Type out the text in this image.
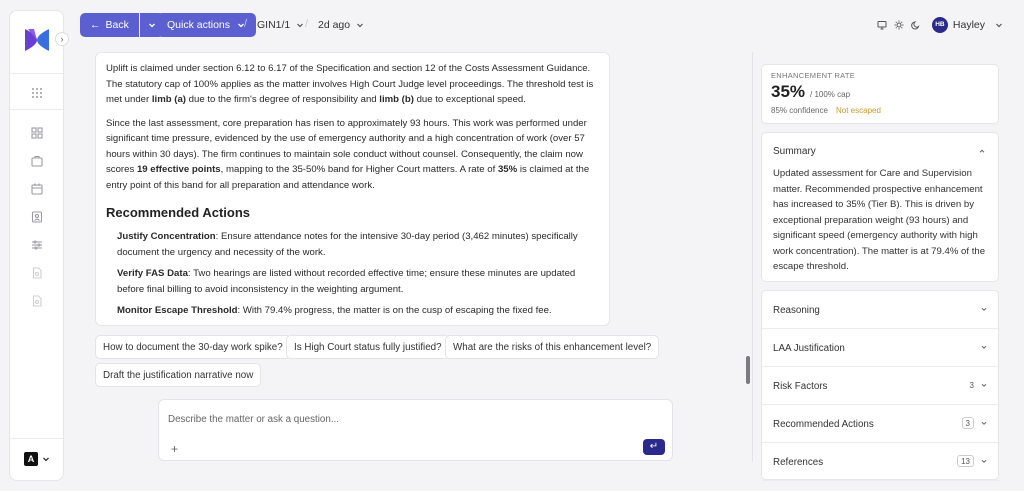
A
›
← Back	Quick actions / GIN1/1 / 2d ago	HB Hayley

Uplift is claimed under section 6.12 to 6.17 of the Specification and section 12 of the Costs Assessment Guidance. The statutory cap of 100% applies as the matter involves High Court Judge level proceedings. The threshold test is met under limb (a) due to the firm's degree of responsibility and limb (b) due to exceptional speed.

Since the last assessment, core preparation has risen to approximately 93 hours. This work was performed under significant time pressure, evidenced by the use of emergency authority and a high concentration of work (over 57 hours within 30 days). The firm continues to maintain sole conduct without counsel. Consequently, the claim now scores 19 effective points, mapping to the 35-50% band for Higher Court matters. A rate of 35% is claimed at the entry point of this band for all preparation and attendance work.

Recommended Actions
Justify Concentration: Ensure attendance notes for the intensive 30-day period (3,462 minutes) specifically document the urgency and necessity of the work.
Verify FAS Data: Two hearings are listed without recorded effective time; ensure these minutes are updated before final billing to avoid inconsistency in the weighting argument.
Monitor Escape Threshold: With 79.4% progress, the matter is on the cusp of escaping the fixed fee.
How to document the 30-day work spike?	Is High Court status fully justified?	What are the risks of this enhancement level?
Draft the justification narrative now
Describe the matter or ask a question...
+	↵
ENHANCEMENT RATE
35% / 100% cap
85% confidence Not escaped
Summary
Updated assessment for Care and Supervision matter. Recommended prospective enhancement has increased to 35% (Tier B). This is driven by exceptional preparation weight (93 hours) and significant speed (emergency authority with high work concentration). The matter is at 79.4% of the escape threshold.
Reasoning
LAA Justification
Risk Factors	3
Recommended Actions	3
References	13
